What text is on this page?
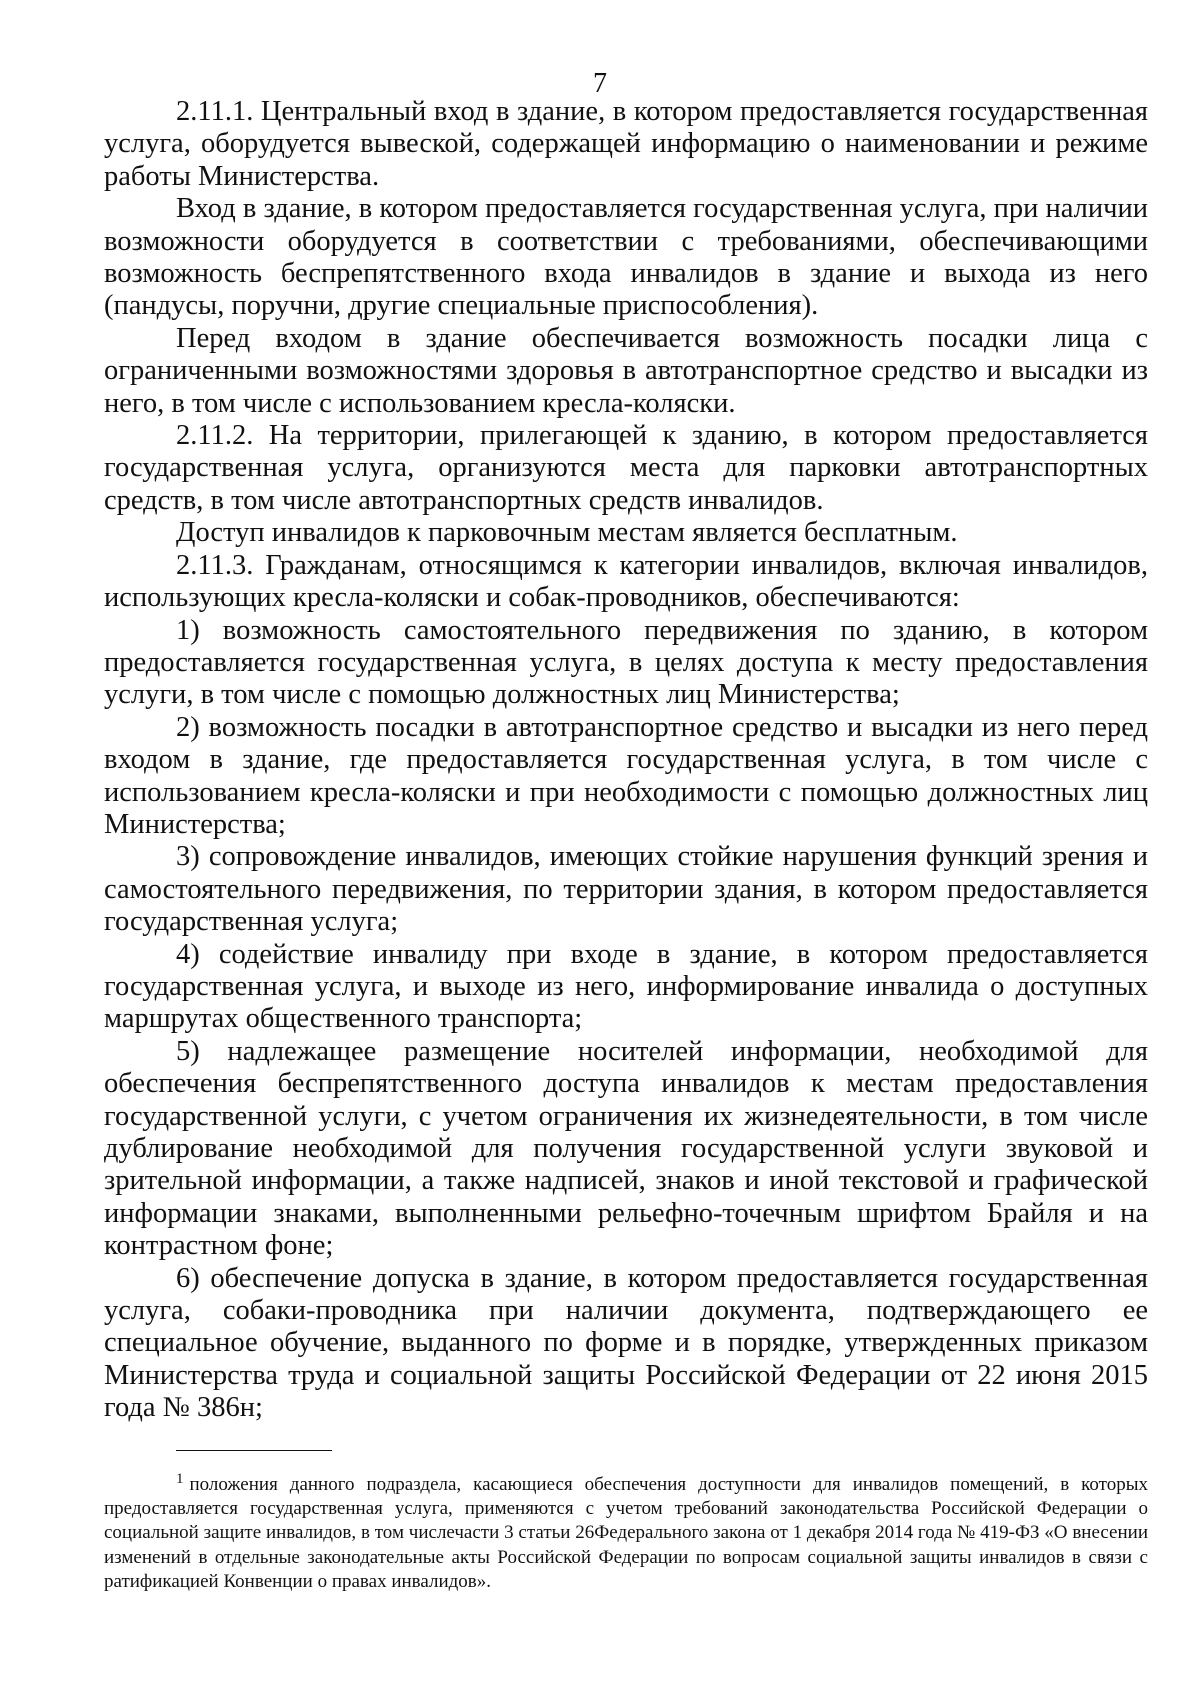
7

2.11.1. Центральный вход в здание, в котором предоставляется государственная услуга, оборудуется вывеской, содержащей информацию о наименовании и режиме работы Министерства.

Вход в здание, в котором предоставляется государственная услуга, при наличии возможности оборудуется в соответствии с требованиями, обеспечивающими возможность беспрепятственного входа инвалидов в здание и выхода из него (пандусы, поручни, другие специальные приспособления).

Перед входом в здание обеспечивается возможность посадки лица с ограниченными возможностями здоровья в автотранспортное средство и высадки из него, в том числе с использованием кресла-коляски.

2.11.2. На территории, прилегающей к зданию, в котором предоставляется государственная услуга, организуются места для парковки автотранспортных средств, в том числе автотранспортных средств инвалидов.

Доступ инвалидов к парковочным местам является бесплатным.

2.11.3. Гражданам, относящимся к категории инвалидов, включая инвалидов, использующих кресла-коляски и собак-проводников, обеспечиваются:

1) возможность самостоятельного передвижения по зданию, в котором предоставляется государственная услуга, в целях доступа к месту предоставления услуги, в том числе с помощью должностных лиц Министерства;

2) возможность посадки в автотранспортное средство и высадки из него перед входом в здание, где предоставляется государственная услуга, в том числе с использованием кресла-коляски и при необходимости с помощью должностных лиц Министерства;

3) сопровождение инвалидов, имеющих стойкие нарушения функций зрения и самостоятельного передвижения, по территории здания, в котором предоставляется государственная услуга;

4) содействие инвалиду при входе в здание, в котором предоставляется государственная услуга, и выходе из него, информирование инвалида о доступных маршрутах общественного транспорта;

5) надлежащее размещение носителей информации, необходимой для обеспечения беспрепятственного доступа инвалидов к местам предоставления государственной услуги, с учетом ограничения их жизнедеятельности, в том числе дублирование необходимой для получения государственной услуги звуковой и зрительной информации, а также надписей, знаков и иной текстовой и графической информации знаками, выполненными рельефно-точечным шрифтом Брайля и на контрастном фоне;

6) обеспечение допуска в здание, в котором предоставляется государственная услуга, собаки-проводника при наличии документа, подтверждающего ее специальное обучение, выданного по форме и в порядке, утвержденных приказом Министерства труда и социальной защиты Российской Федерации от 22 июня 2015 года № 386н;

$^1$ положения данного подраздела, касающиеся обеспечения доступности для инвалидов помещений, в которых предоставляется государственная услуга, применяются с учетом требований законодательства Российской Федерации о социальной защите инвалидов, в том числечасти 3 статьи 26Федерального закона от 1 декабря 2014 года № 419-ФЗ «О внесении изменений в отдельные законодательные акты Российской Федерации по вопросам социальной защиты инвалидов в связи с ратификацией Конвенции о правах инвалидов».
